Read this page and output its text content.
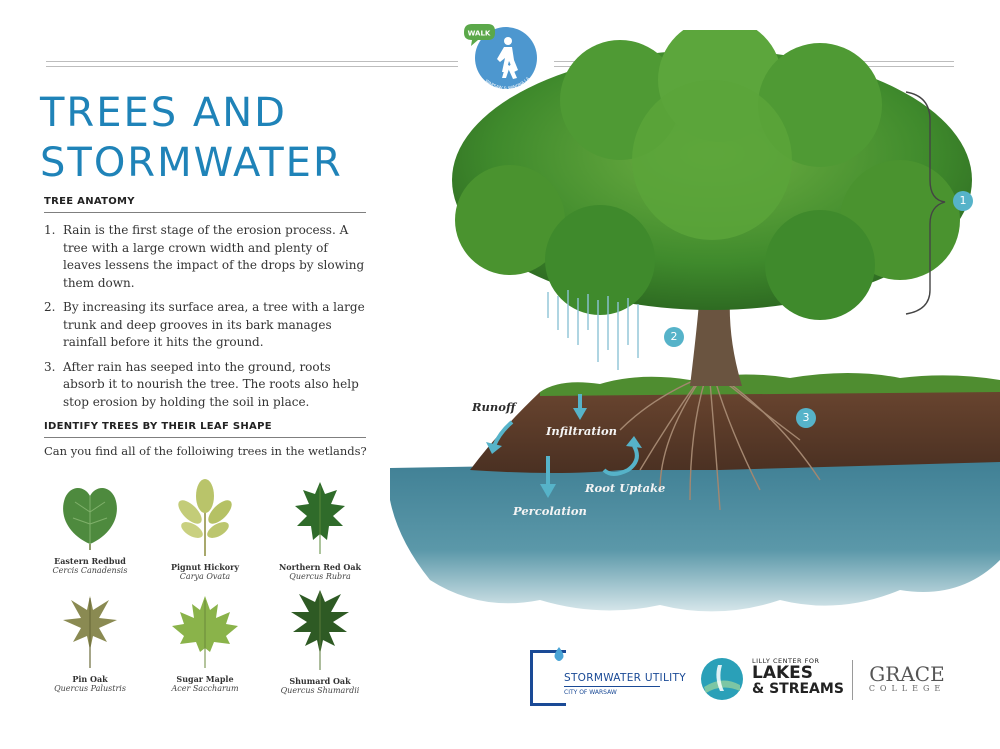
WALK
WARSAW & WINONA LA
TREES AND
STORMWATER
TREE ANATOMY
1. Rain is the first stage of the erosion process. A tree with a large crown width and plenty of leaves lessens the impact of the drops by slowing them down.
2. By increasing its surface area, a tree with a large trunk and deep grooves in its bark manages rainfall before it hits the ground.
3. After rain has seeped into the ground, roots absorb it to nourish the tree. The roots also help stop erosion by holding the soil in place.
IDENTIFY TREES BY THEIR LEAF SHAPE
Can you find all of the folloiwing trees in the wetlands?
Eastern Redbud
Cercis Canadensis	Pignut Hickory
Carya Ovata
Northern Red Oak
Quercus Rubra
Pin Oak
Quercus Palustris
Sugar Maple
Acer Saccharum
Shumard Oak
Quercus Shumardii
1
2
3
Runoff
Infiltration
Root Uptake
Percolation
STORMWATER UTILITY
CITY OF WARSAW
LILLY CENTER FOR
LAKES
& STREAMS
GRACE
COLLEGE
